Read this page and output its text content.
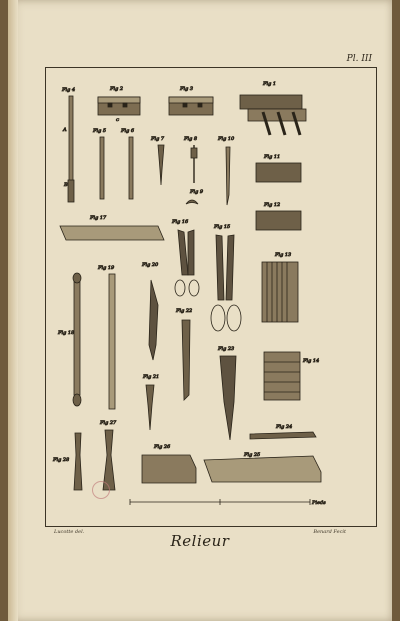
Pl. III
Fig 4
A
B
Fig 2
C
Fig 3
Fig 1
Fig 5	Fig 6
Fig 7	Fig 8
Fig 9
Fig 10
Fig 11
Fig 12
Fig 17
Fig 16
Fig 15
Fig 13
Fig 18
Fig 19	Fig 20
Fig 22
Fig 21
Fig 23
Fig 14
Fig 24
Fig 27
Fig 28
Fig 26
Fig 25
Pieds
Lucotte del.	Benard Fecit
Relieur
